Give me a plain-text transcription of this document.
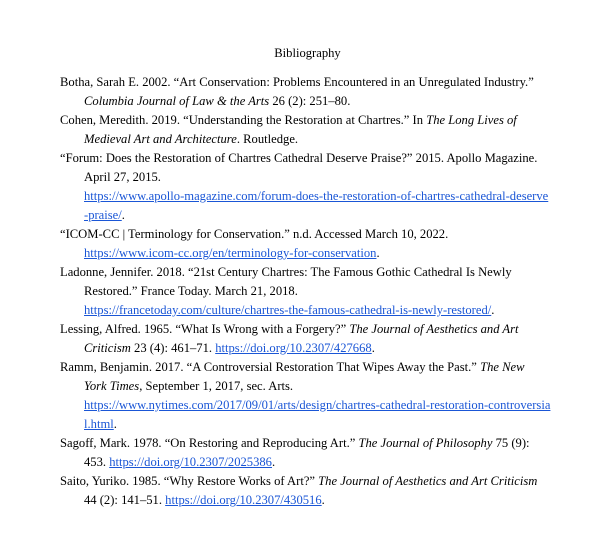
Bibliography
Botha, Sarah E. 2002. “Art Conservation: Problems Encountered in an Unregulated Industry.”
Columbia Journal of Law & the Arts 26 (2): 251–80.
Cohen, Meredith. 2019. “Understanding the Restoration at Chartres.” In The Long Lives of
Medieval Art and Architecture. Routledge.
“Forum: Does the Restoration of Chartres Cathedral Deserve Praise?” 2015. Apollo Magazine.
April 27, 2015.
https://www.apollo-magazine.com/forum-does-the-restoration-of-chartres-cathedral-deserve
-praise/.
“ICOM-CC | Terminology for Conservation.” n.d. Accessed March 10, 2022.
https://www.icom-cc.org/en/terminology-for-conservation.
Ladonne, Jennifer. 2018. “21st Century Chartres: The Famous Gothic Cathedral Is Newly
Restored.” France Today. March 21, 2018.
https://francetoday.com/culture/chartres-the-famous-cathedral-is-newly-restored/.
Lessing, Alfred. 1965. “What Is Wrong with a Forgery?” The Journal of Aesthetics and Art
Criticism 23 (4): 461–71. https://doi.org/10.2307/427668.
Ramm, Benjamin. 2017. “A Controversial Restoration That Wipes Away the Past.” The New
York Times, September 1, 2017, sec. Arts.
https://www.nytimes.com/2017/09/01/arts/design/chartres-cathedral-restoration-controversia
l.html.
Sagoff, Mark. 1978. “On Restoring and Reproducing Art.” The Journal of Philosophy 75 (9):
453. https://doi.org/10.2307/2025386.
Saito, Yuriko. 1985. “Why Restore Works of Art?” The Journal of Aesthetics and Art Criticism
44 (2): 141–51. https://doi.org/10.2307/430516.
